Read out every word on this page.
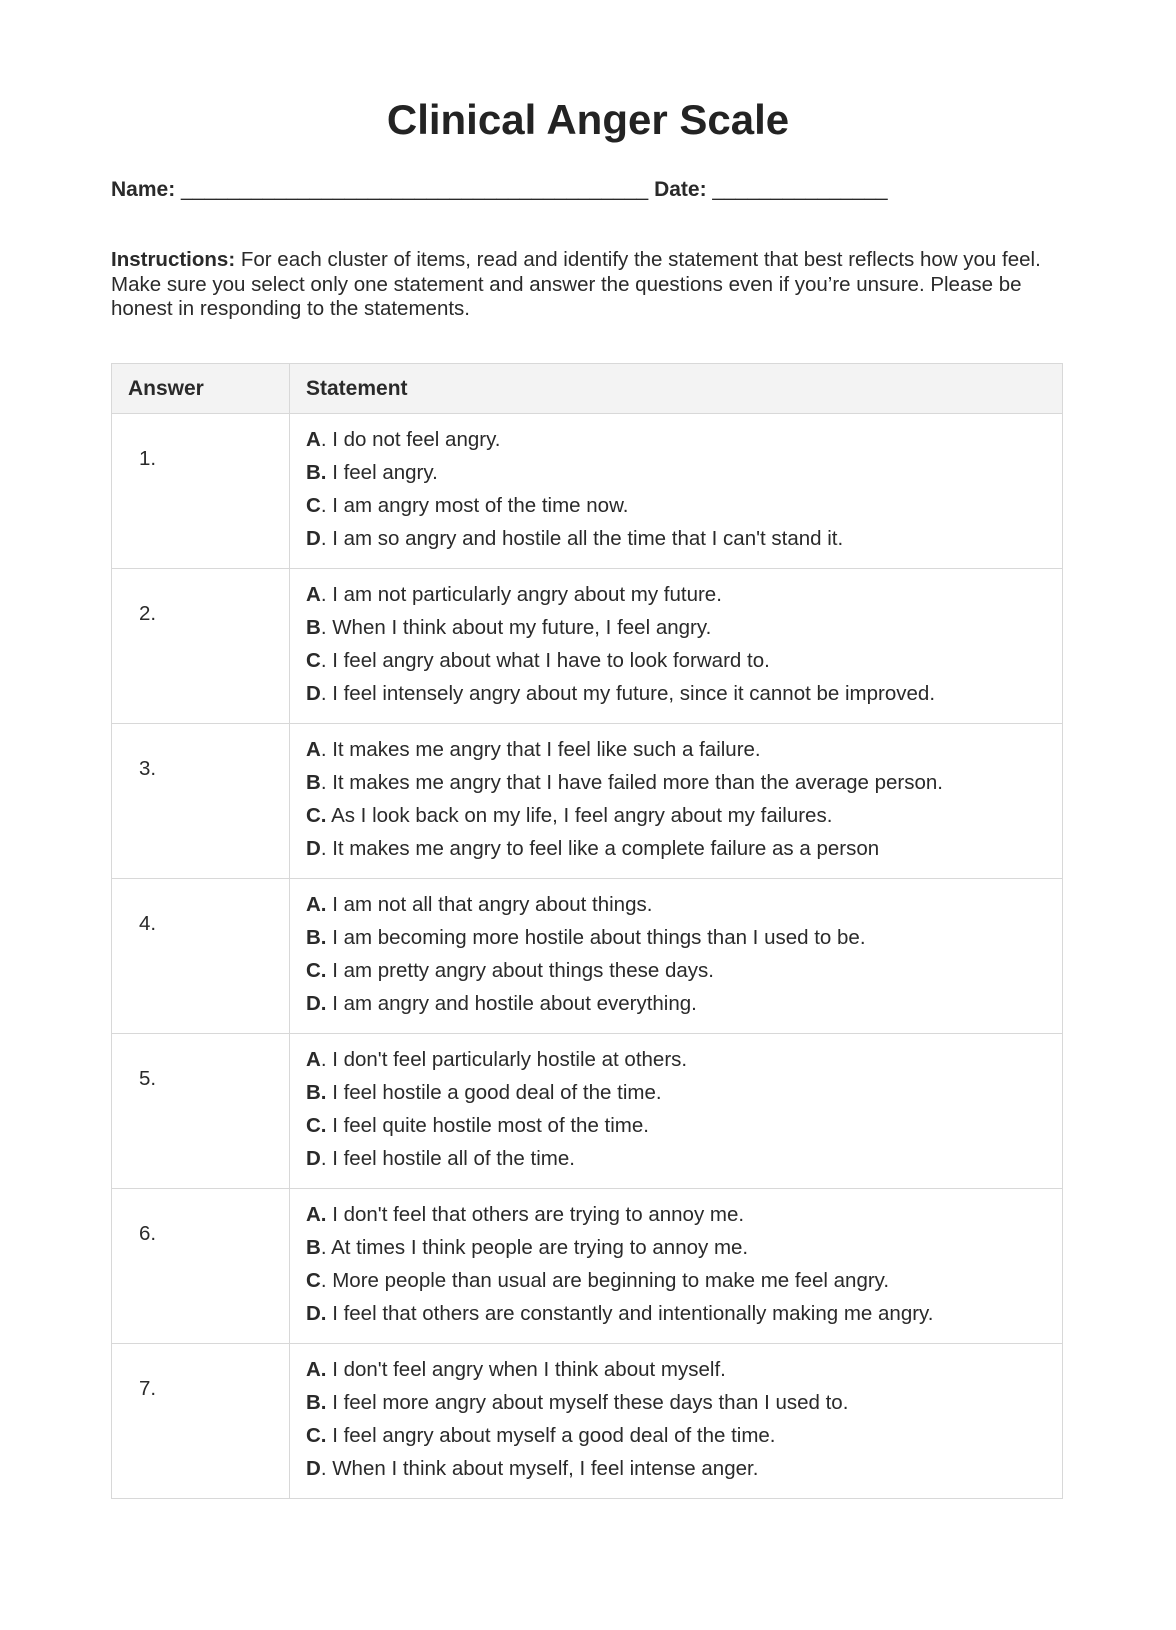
Clinical Anger Scale
Name: ________________________________________ Date: _______________

Instructions: For each cluster of items, read and identify the statement that best reflects how you feel. Make sure you select only one statement and answer the questions even if you’re unsure. Please be honest in responding to the statements.

Answer	Statement
1.	A. I do not feel angry.
B. I feel angry.
C. I am angry most of the time now.
D. I am so angry and hostile all the time that I can't stand it.

2.	A. I am not particularly angry about my future.
B. When I think about my future, I feel angry.
C. I feel angry about what I have to look forward to.
D. I feel intensely angry about my future, since it cannot be improved.

3.	A. It makes me angry that I feel like such a failure.
B. It makes me angry that I have failed more than the average person.
C. As I look back on my life, I feel angry about my failures.
D. It makes me angry to feel like a complete failure as a person

4.	A. I am not all that angry about things.
B. I am becoming more hostile about things than I used to be.
C. I am pretty angry about things these days.
D. I am angry and hostile about everything.

5.	A. I don't feel particularly hostile at others.
B. I feel hostile a good deal of the time.
C. I feel quite hostile most of the time.
D. I feel hostile all of the time.

6.	A. I don't feel that others are trying to annoy me.
B. At times I think people are trying to annoy me.
C. More people than usual are beginning to make me feel angry.
D. I feel that others are constantly and intentionally making me angry.

7.	A. I don't feel angry when I think about myself.
B. I feel more angry about myself these days than I used to.
C. I feel angry about myself a good deal of the time.
D. When I think about myself, I feel intense anger.
